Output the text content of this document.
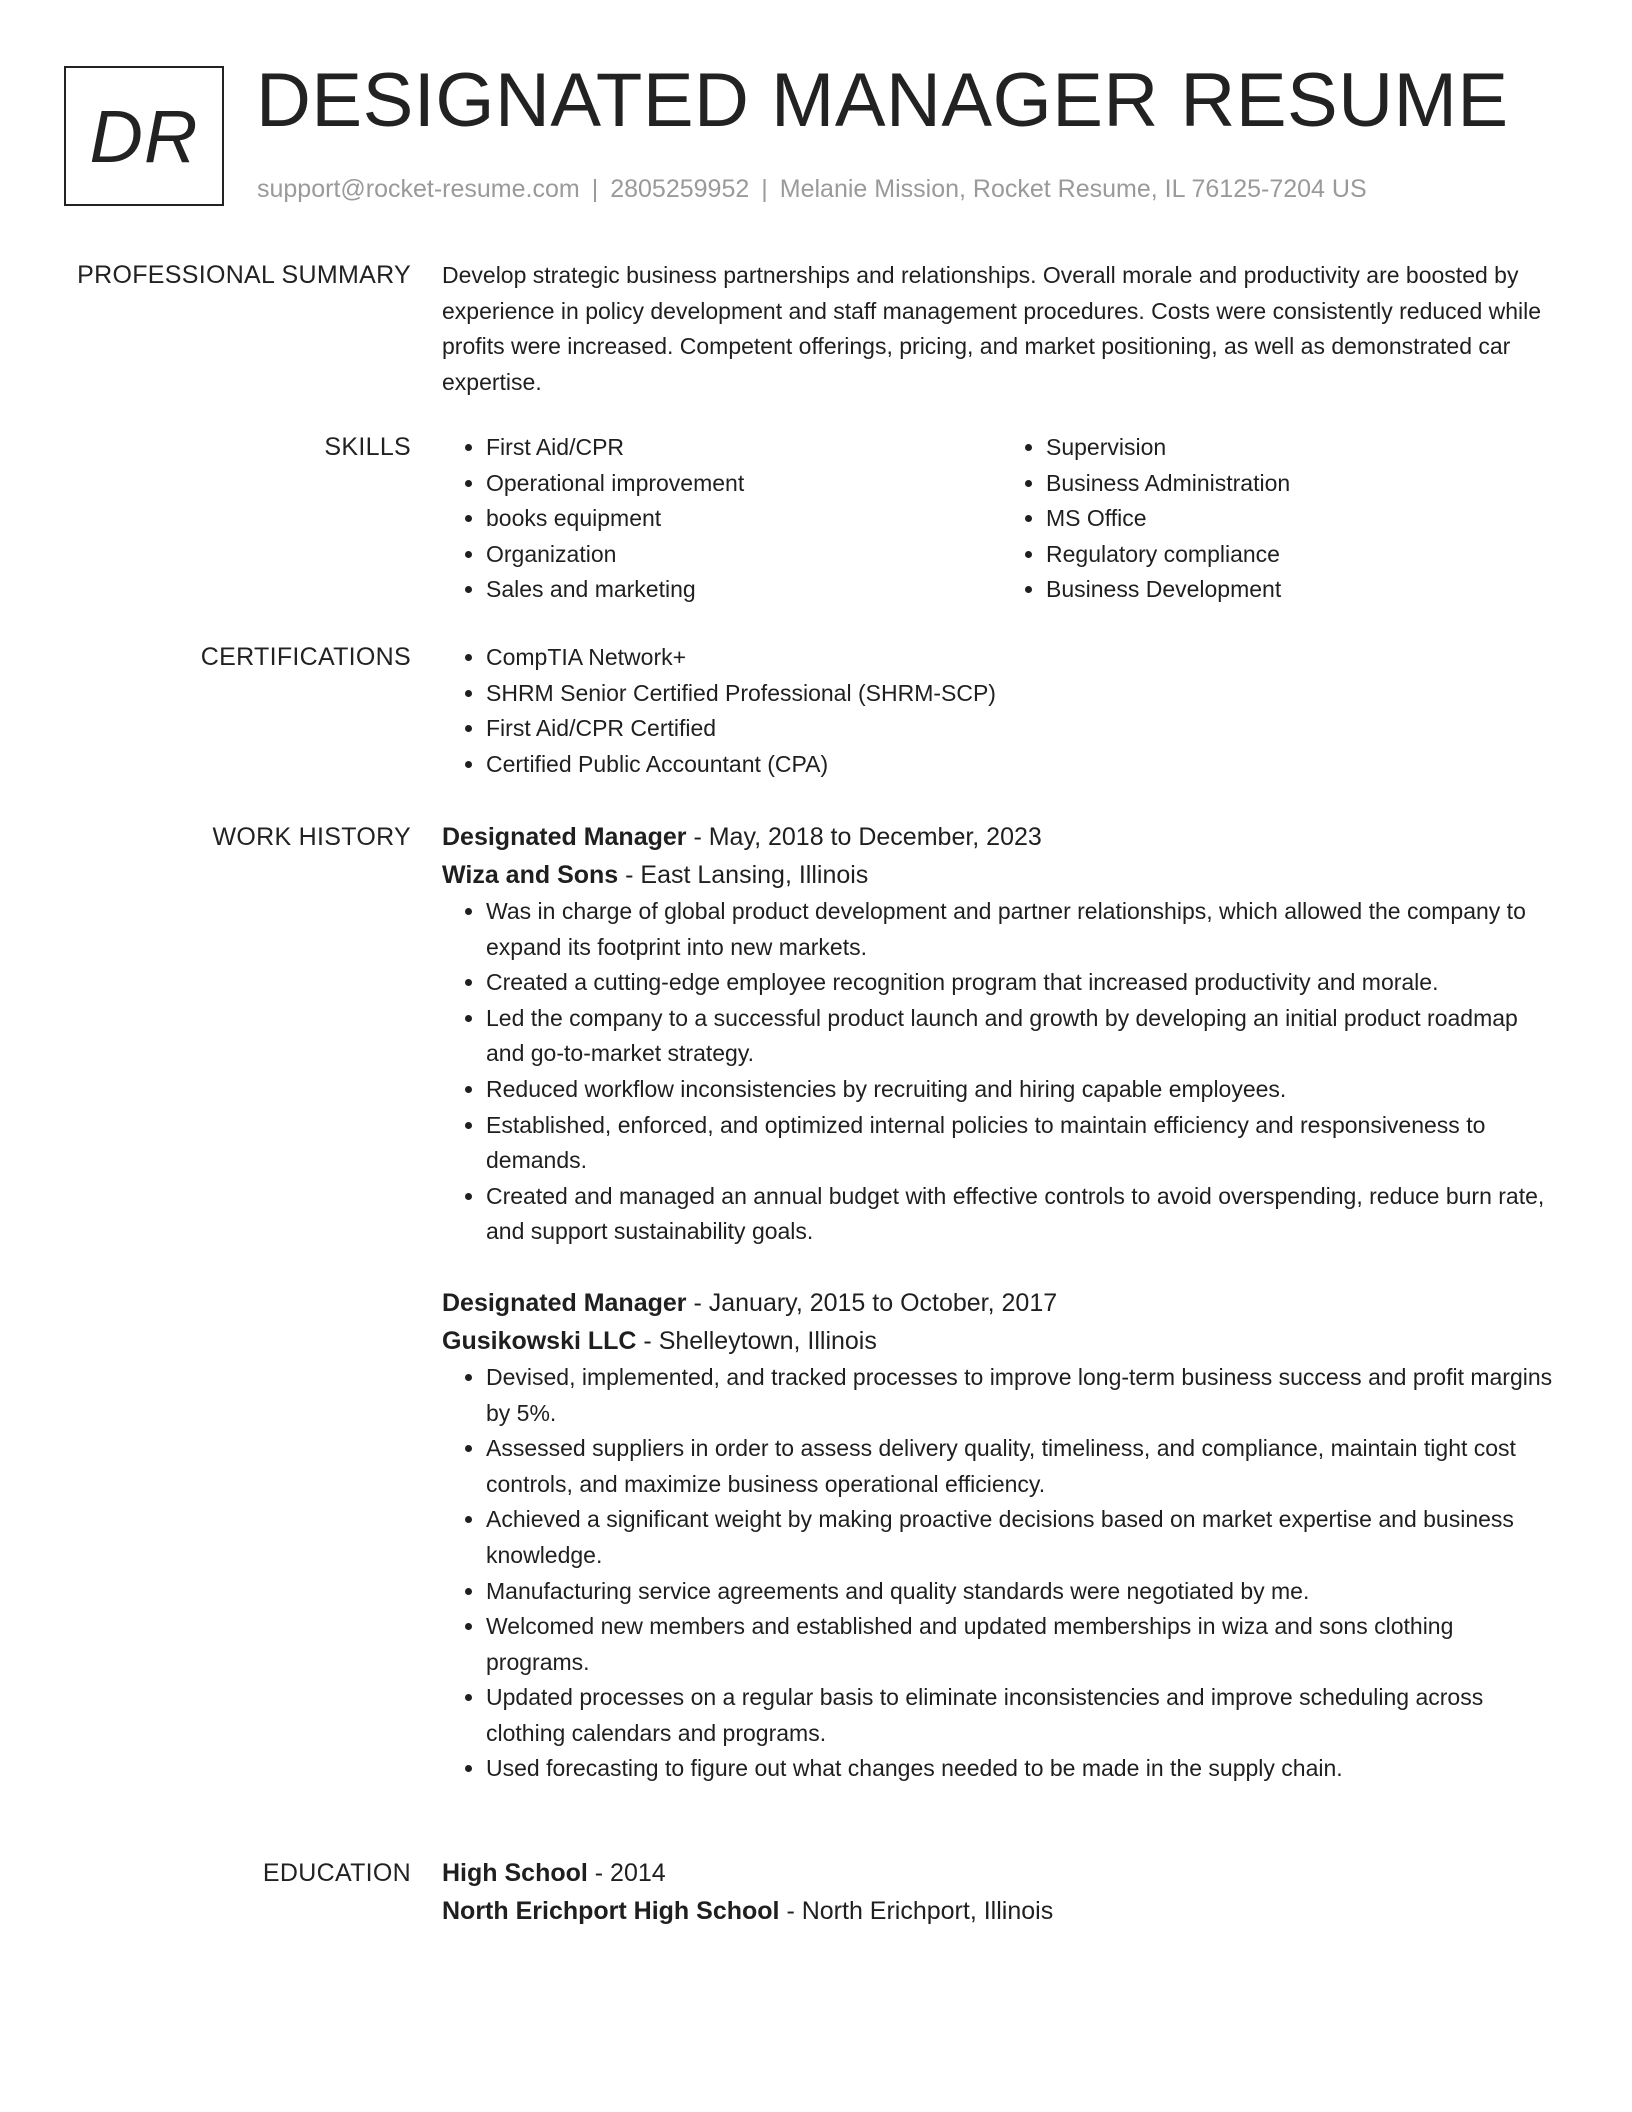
DR DESIGNATED MANAGER RESUME
support@rocket-resume.com | 2805259952 | Melanie Mission, Rocket Resume, IL 76125-7204 US
PROFESSIONAL SUMMARY Develop strategic business partnerships and relationships. Overall morale and productivity are boosted by experience in policy development and staff management procedures. Costs were consistently reduced while profits were increased. Competent offerings, pricing, and market positioning, as well as demonstrated car expertise.

SKILLS	• First Aid/CPR
• Operational improvement
• books equipment
• Organization
• Sales and marketing
• Supervision
• Business Administration
• MS Office
• Regulatory compliance
• Business Development
CERTIFICATIONS	• CompTIA Network+
• SHRM Senior Certified Professional (SHRM-SCP)
• First Aid/CPR Certified
• Certified Public Accountant (CPA)
WORK HISTORY Designated Manager - May, 2018 to December, 2023
Wiza and Sons - East Lansing, Illinois
• Was in charge of global product development and partner relationships, which allowed the company to expand its footprint into new markets.
• Created a cutting-edge employee recognition program that increased productivity and morale.
• Led the company to a successful product launch and growth by developing an initial product roadmap and go-to-market strategy.
• Reduced workflow inconsistencies by recruiting and hiring capable employees.
• Established, enforced, and optimized internal policies to maintain efficiency and responsiveness to demands.
• Created and managed an annual budget with effective controls to avoid overspending, reduce burn rate, and support sustainability goals.
Designated Manager - January, 2015 to October, 2017
Gusikowski LLC - Shelleytown, Illinois
• Devised, implemented, and tracked processes to improve long-term business success and profit margins by 5%.
• Assessed suppliers in order to assess delivery quality, timeliness, and compliance, maintain tight cost controls, and maximize business operational efficiency.
• Achieved a significant weight by making proactive decisions based on market expertise and business knowledge.
• Manufacturing service agreements and quality standards were negotiated by me.
• Welcomed new members and established and updated memberships in wiza and sons clothing programs.
• Updated processes on a regular basis to eliminate inconsistencies and improve scheduling across clothing calendars and programs.
• Used forecasting to figure out what changes needed to be made in the supply chain.
EDUCATION High School - 2014
North Erichport High School - North Erichport, Illinois
